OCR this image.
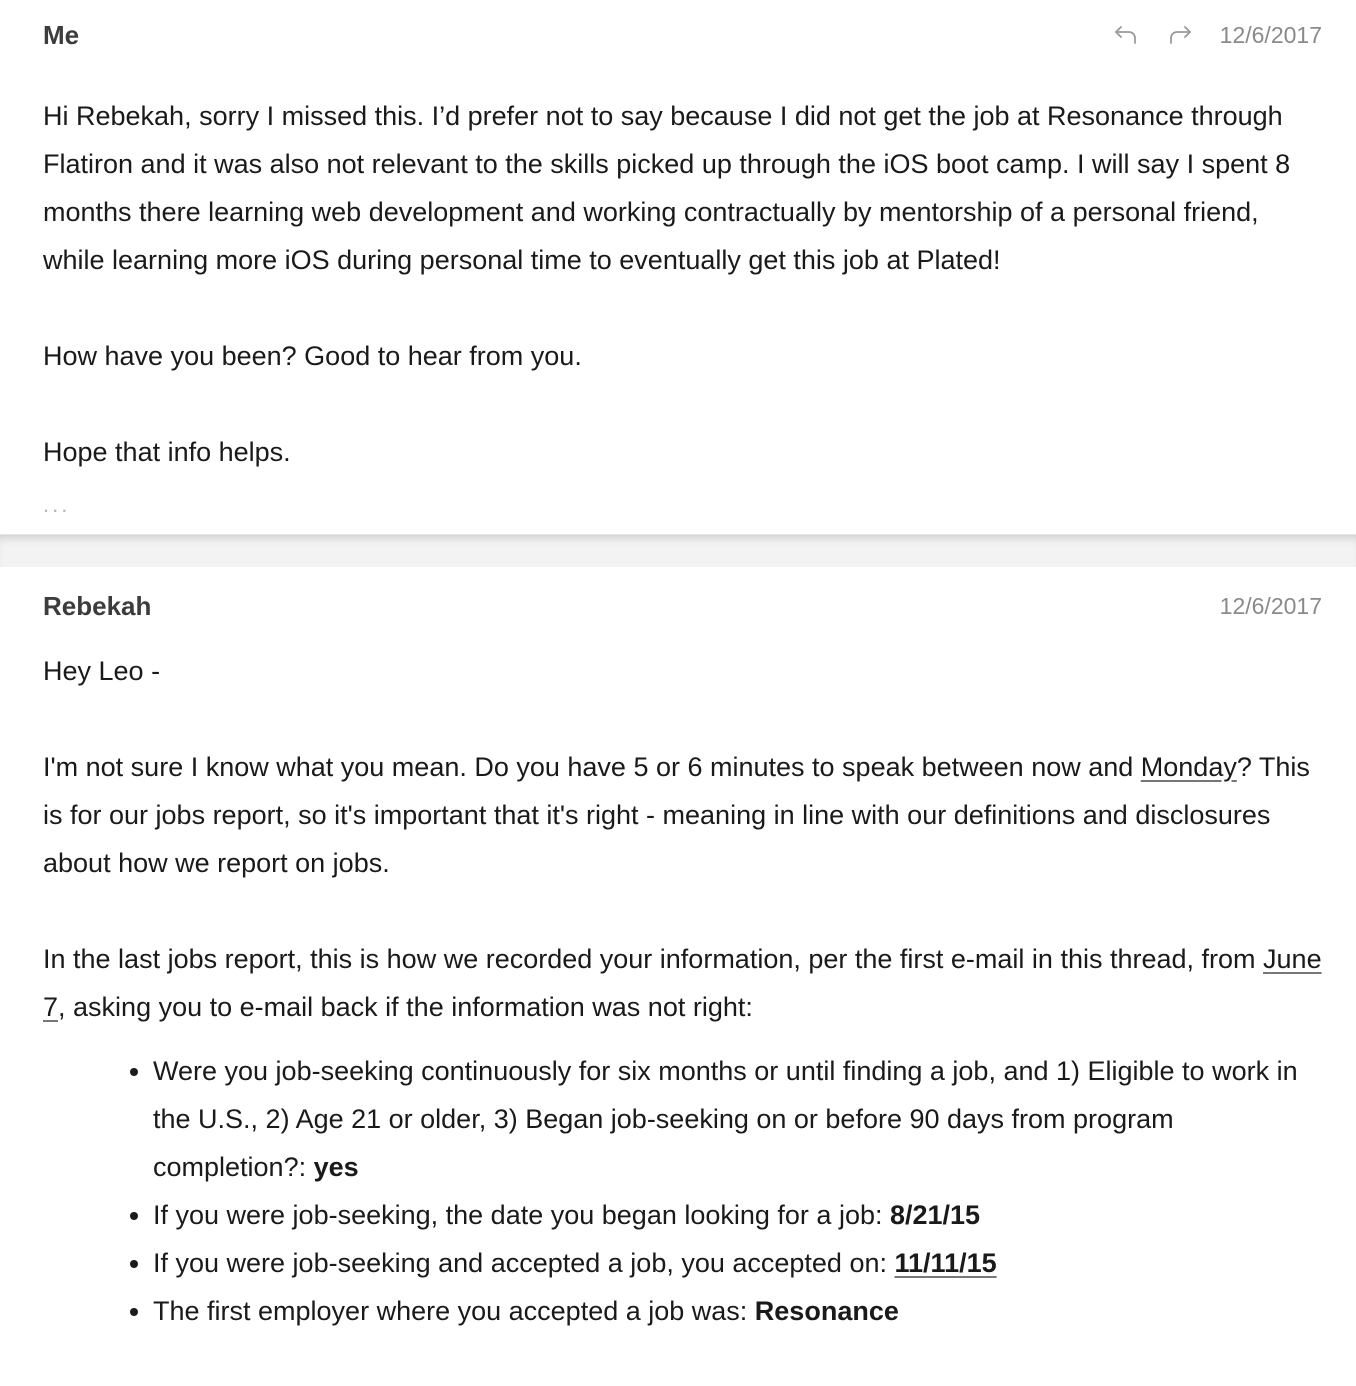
Me	12/6/2017

Hi Rebekah, sorry I missed this. I’d prefer not to say because I did not get the job at Resonance through Flatiron and it was also not relevant to the skills picked up through the iOS boot camp. I will say I spent 8 months there learning web development and working contractually by mentorship of a personal friend, while learning more iOS during personal time to eventually get this job at Plated!

How have you been? Good to hear from you.

Hope that info helps.

...
Rebekah	12/6/2017

Hey Leo -

I'm not sure I know what you mean. Do you have 5 or 6 minutes to speak between now and Monday? This is for our jobs report, so it's important that it's right - meaning in line with our definitions and disclosures about how we report on jobs.

In the last jobs report, this is how we recorded your information, per the first e-mail in this thread, from June 7, asking you to e-mail back if the information was not right:

• Were you job-seeking continuously for six months or until finding a job, and 1) Eligible to work in the U.S., 2) Age 21 or older, 3) Began job-seeking on or before 90 days from program completion?: yes
• If you were job-seeking, the date you began looking for a job: 8/21/15
• If you were job-seeking and accepted a job, you accepted on: 11/11/15
• The first employer where you accepted a job was: Resonance
